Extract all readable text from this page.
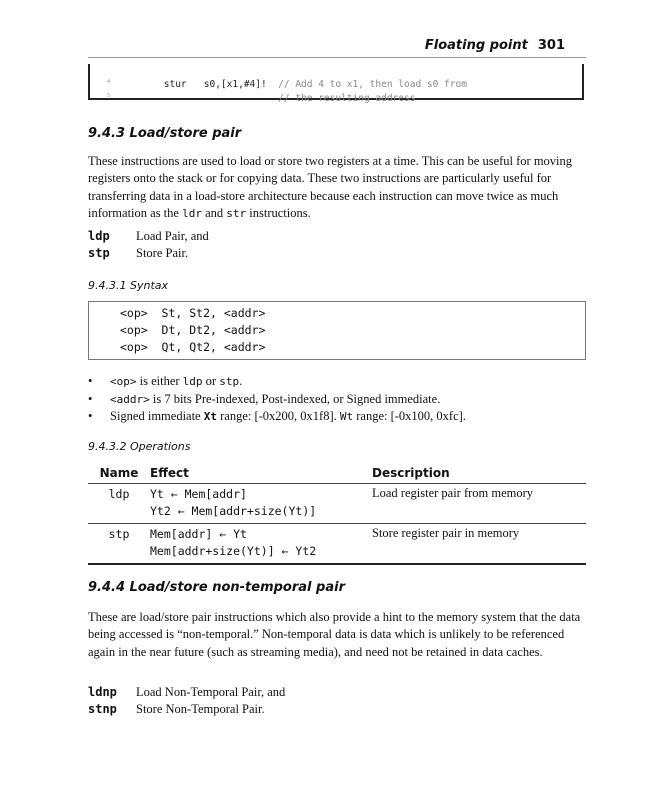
Floating point 301

4	stur   s0,[x1,#4]!  // Add 4 to x1, then load s0 from

5	// the resulting address

9.4.3 Load/store pair

These instructions are used to load or store two registers at a time. This can be useful for moving registers onto the stack or for copying data. These two instructions are particularly useful for transferring data in a load-store architecture because each instruction can move twice as much information as the ldr and str instructions.

ldp	Load Pair, and
stp	Store Pair.
9.4.3.1 Syntax
<op>  St, St2, <addr>
<op>  Dt, Dt2, <addr>
<op>  Qt, Qt2, <addr>
• <op> is either ldp or stp.
• <addr> is 7 bits Pre-indexed, Post-indexed, or Signed immediate.
• Signed immediate Xt range: [-0x200, 0x1f8]. Wt range: [-0x100, 0xfc].
9.4.3.2 Operations
Name	Effect	Description
ldp	Yt ← Mem[addr]
Yt2 ← Mem[addr+size(Yt)]	Load register pair from memory
stp	Mem[addr] ← Yt
Mem[addr+size(Yt)] ← Yt2	Store register pair in memory
9.4.4 Load/store non-temporal pair

These are load/store pair instructions which also provide a hint to the memory system that the data being accessed is “non-temporal.” Non-temporal data is data which is unlikely to be referenced again in the near future (such as streaming media), and need not be retained in data caches.

ldnp	Load Non-Temporal Pair, and
stnp	Store Non-Temporal Pair.
